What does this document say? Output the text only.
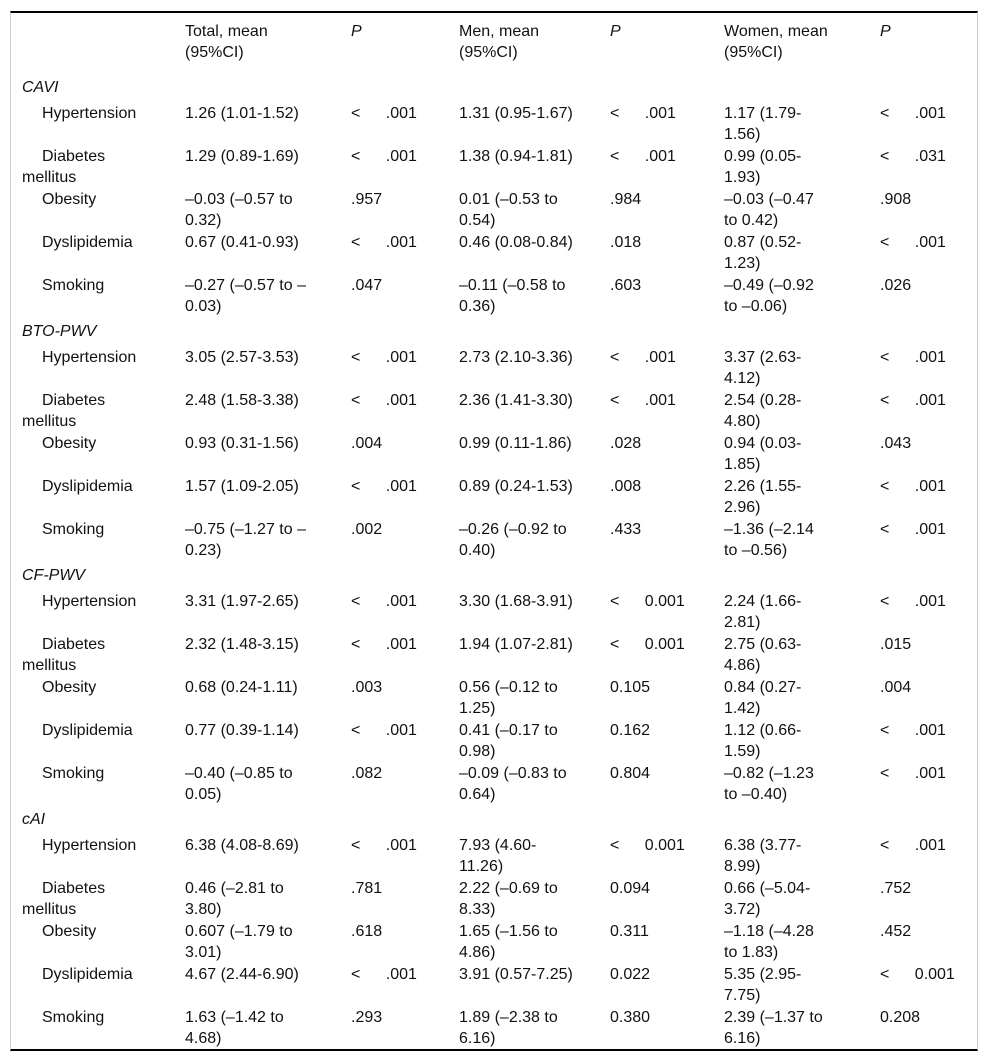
	Total, mean (95%CI)	P	Men, mean (95%CI)	P	Women, mean (95%CI)	P
CAVI						
Hypertension	1.26 (1.01-1.52)	< .001	1.31 (0.95-1.67)	< .001	1.17 (1.79-1.56)	< .001
Diabetes mellitus	1.29 (0.89-1.69)	< .001	1.38 (0.94-1.81)	< .001	0.99 (0.05-1.93)	< .031
Obesity	–0.03 (–0.57 to 0.32)	.957	0.01 (–0.53 to 0.54)	.984	–0.03 (–0.47 to 0.42)	.908
Dyslipidemia	0.67 (0.41-0.93)	< .001	0.46 (0.08-0.84)	.018	0.87 (0.52-1.23)	< .001
Smoking	–0.27 (–0.57 to –0.03)	.047	–0.11 (–0.58 to 0.36)	.603	–0.49 (–0.92 to –0.06)	.026
BTO-PWV						
Hypertension	3.05 (2.57-3.53)	< .001	2.73 (2.10-3.36)	< .001	3.37 (2.63-4.12)	< .001
Diabetes mellitus	2.48 (1.58-3.38)	< .001	2.36 (1.41-3.30)	< .001	2.54 (0.28-4.80)	< .001
Obesity	0.93 (0.31-1.56)	.004	0.99 (0.11-1.86)	.028	0.94 (0.03-1.85)	.043
Dyslipidemia	1.57 (1.09-2.05)	< .001	0.89 (0.24-1.53)	.008	2.26 (1.55-2.96)	< .001
Smoking	–0.75 (–1.27 to –0.23)	.002	–0.26 (–0.92 to 0.40)	.433	–1.36 (–2.14 to –0.56)	< .001
CF-PWV						
Hypertension	3.31 (1.97-2.65)	< .001	3.30 (1.68-3.91)	< 0.001	2.24 (1.66-2.81)	< .001
Diabetes mellitus	2.32 (1.48-3.15)	< .001	1.94 (1.07-2.81)	< 0.001	2.75 (0.63-4.86)	.015
Obesity	0.68 (0.24-1.11)	.003	0.56 (–0.12 to 1.25)	0.105	0.84 (0.27-1.42)	.004
Dyslipidemia	0.77 (0.39-1.14)	< .001	0.41 (–0.17 to 0.98)	0.162	1.12 (0.66-1.59)	< .001
Smoking	–0.40 (–0.85 to 0.05)	.082	–0.09 (–0.83 to 0.64)	0.804	–0.82 (–1.23 to –0.40)	< .001
cAI						
Hypertension	6.38 (4.08-8.69)	< .001	7.93 (4.60-11.26)	< 0.001	6.38 (3.77-8.99)	< .001
Diabetes mellitus	0.46 (–2.81 to 3.80)	.781	2.22 (–0.69 to 8.33)	0.094	0.66 (–5.04-3.72)	.752
Obesity	0.607 (–1.79 to 3.01)	.618	1.65 (–1.56 to 4.86)	0.311	–1.18 (–4.28 to 1.83)	.452
Dyslipidemia	4.67 (2.44-6.90)	< .001	3.91 (0.57-7.25)	0.022	5.35 (2.95-7.75)	< 0.001
Smoking	1.63 (–1.42 to 4.68)	.293	1.89 (–2.38 to 6.16)	0.380	2.39 (–1.37 to 6.16)	0.208
